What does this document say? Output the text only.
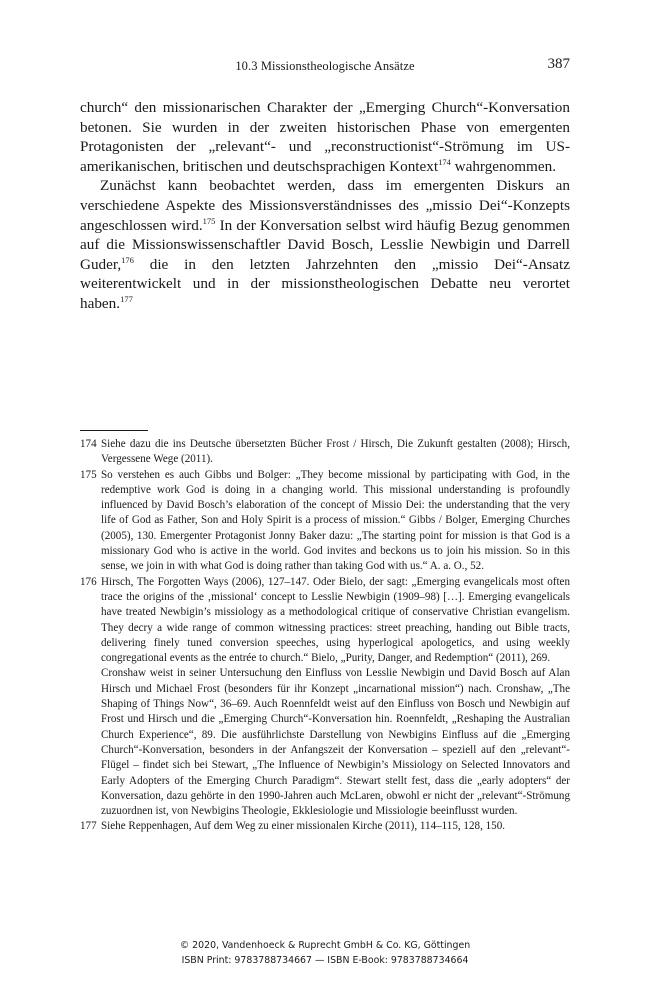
10.3 Missionstheologische Ansätze	387

church“ den missionarischen Charakter der „Emerging Church“-Konversation betonen. Sie wurden in der zweiten historischen Phase von emergenten Protagonisten der „relevant“- und „reconstructionist“-Strömung im US-amerikanischen, britischen und deutschsprachigen Kontext$^{174}$ wahrgenommen.

Zunächst kann beobachtet werden, dass im emergenten Diskurs an verschiedene Aspekte des Missionsverständnisses des „missio Dei“-Konzepts angeschlossen wird.$^{175}$ In der Konversation selbst wird häufig Bezug genommen auf die Missionswissenschaftler David Bosch, Lesslie Newbigin und Darrell Guder,$^{176}$ die in den letzten Jahrzehnten den „missio Dei“-Ansatz weiterentwickelt und in der missionstheologischen Debatte neu verortet haben.$^{177}$

174 Siehe dazu die ins Deutsche übersetzten Bücher Frost / Hirsch, Die Zukunft gestalten (2008); Hirsch, Vergessene Wege (2011).
175 So verstehen es auch Gibbs und Bolger: „They become missional by participating with God, in the redemptive work God is doing in a changing world. This missional understanding is profoundly influenced by David Bosch’s elaboration of the concept of Missio Dei: the understanding that the very life of God as Father, Son and Holy Spirit is a process of mission.“ Gibbs / Bolger, Emerging Churches (2005), 130. Emergenter Protagonist Jonny Baker dazu: „The starting point for mission is that God is a missionary God who is active in the world. God invites and beckons us to join his mission. So in this sense, we join in with what God is doing rather than taking God with us.“ A. a. O., 52.
176 Hirsch, The Forgotten Ways (2006), 127–147. Oder Bielo, der sagt: „Emerging evangelicals most often trace the origins of the ‚missional‘ concept to Lesslie Newbigin (1909–98) […]. Emerging evangelicals have treated Newbigin’s missiology as a methodological critique of conservative Christian evangelism. They decry a wide range of common witnessing practices: street preaching, handing out Bible tracts, delivering finely tuned conversion speeches, using hyperlogical apologetics, and using weekly congregational events as the entrée to church.“ Bielo, „Purity, Danger, and Redemption“ (2011), 269.
Cronshaw weist in seiner Untersuchung den Einfluss von Lesslie Newbigin und David Bosch auf Alan Hirsch und Michael Frost (besonders für ihr Konzept „incarnational mission“) nach. Cronshaw, „The Shaping of Things Now“, 36–69. Auch Roennfeldt weist auf den Einfluss von Bosch und Newbigin auf Frost und Hirsch und die „Emerging Church“-Konversation hin. Roennfeldt, „Reshaping the Australian Church Experience“, 89. Die ausführlichste Darstellung von Newbigins Einfluss auf die „Emerging Church“-Konversation, besonders in der Anfangszeit der Konversation – speziell auf den „relevant“-Flügel – findet sich bei Stewart, „The Influence of Newbigin’s Missiology on Selected Innovators and Early Adopters of the Emerging Church Paradigm“. Stewart stellt fest, dass die „early adopters“ der Konversation, dazu gehörte in den 1990-Jahren auch McLaren, obwohl er nicht der „relevant“-Strömung zuzuordnen ist, von Newbigins Theologie, Ekklesiologie und Missiologie beeinflusst wurden.
177 Siehe Reppenhagen, Auf dem Weg zu einer missionalen Kirche (2011), 114–115, 128, 150.
© 2020, Vandenhoeck & Ruprecht GmbH & Co. KG, Göttingen
ISBN Print: 9783788734667 — ISBN E-Book: 9783788734664
